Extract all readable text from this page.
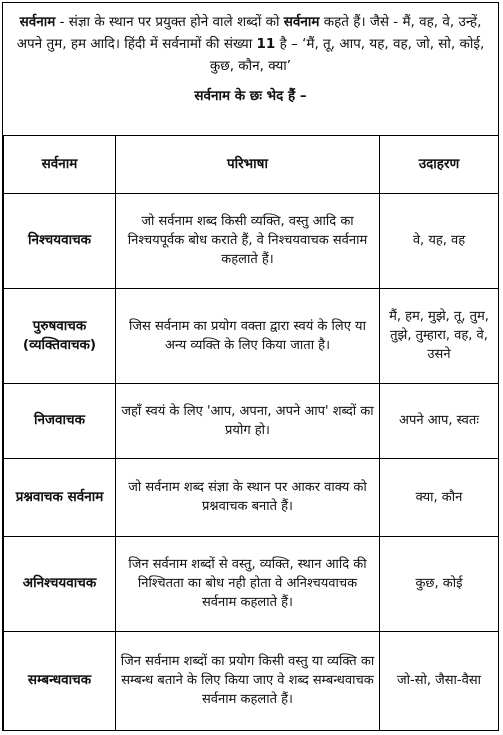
सर्वनाम - संज्ञा के स्थान पर प्रयुक्त होने वाले शब्दों को सर्वनाम कहते हैं। जैसे - मैं, वह, वे, उन्हें, अपने तुम, हम आदि। हिंदी में सर्वनामों की संख्या 11 है – ‘मैं, तू, आप, यह, वह, जो, सो, कोई, कुछ, कौन, क्या’
सर्वनाम के छः भेद हैं –
सर्वनाम	परिभाषा	उदाहरण
निश्चयवाचक	जो सर्वनाम शब्द किसी व्यक्ति, वस्तु आदि का निश्चयपूर्वक बोध कराते हैं, वे निश्चयवाचक सर्वनाम कहलाते हैं।	वे, यह, वह
पुरुषवाचक (व्यक्तिवाचक)	जिस सर्वनाम का प्रयोग वक्ता द्वारा स्वयं के लिए या अन्य व्यक्ति के लिए किया जाता है।	मैं, हम, मुझे, तू, तुम, तुझे, तुम्हारा, वह, वे, उसने
निजवाचक	जहाँ स्वयं के लिए 'आप, अपना, अपने आप' शब्दों का प्रयोग हो।	अपने आप, स्वतः
प्रश्नवाचक सर्वनाम	जो सर्वनाम शब्द संज्ञा के स्थान पर आकर वाक्य को प्रश्नवाचक बनाते हैं।	क्या, कौन
अनिश्चयवाचक	जिन सर्वनाम शब्दों से वस्तु, व्यक्ति, स्थान आदि की निश्चितता का बोध नही होता वे अनिश्चयवाचक सर्वनाम कहलाते हैं।	कुछ, कोई
सम्बन्धवाचक	जिन सर्वनाम शब्दों का प्रयोग किसी वस्तु या व्यक्ति का सम्बन्ध बताने के लिए किया जाए वे शब्द सम्बन्धवाचक सर्वनाम कहलाते हैं।	जो-सो, जैसा-वैसा
